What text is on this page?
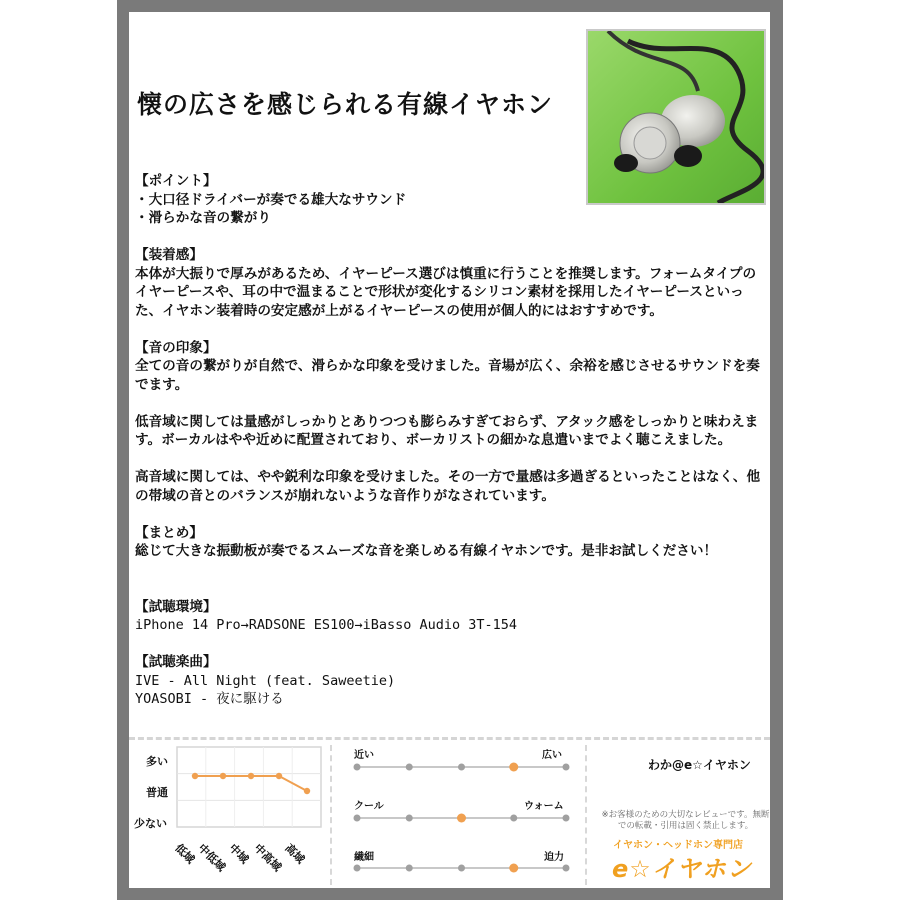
懐の広さを感じられる有線イヤホン

【ポイント】

・大口径ドライバーが奏でる雄大なサウンド

・滑らかな音の繋がり

【装着感】

本体が大振りで厚みがあるため、イヤーピース選びは慎重に行うことを推奨します。フォームタイプのイヤーピースや、耳の中で温まることで形状が変化するシリコン素材を採用したイヤーピースといった、イヤホン装着時の安定感が上がるイヤーピースの使用が個人的にはおすすめです。

【音の印象】

全ての音の繋がりが自然で、滑らかな印象を受けました。音場が広く、余裕を感じさせるサウンドを奏でます。

低音域に関しては量感がしっかりとありつつも膨らみすぎておらず、アタック感をしっかりと味わえます。ボーカルはやや近めに配置されており、ボーカリストの細かな息遣いまでよく聴こえました。

高音域に関しては、やや鋭利な印象を受けました。その一方で量感は多過ぎるといったことはなく、他の帯域の音とのバランスが崩れないような音作りがなされています。

【まとめ】

総じて大きな振動板が奏でるスムーズな音を楽しめる有線イヤホンです。是非お試しください！

【試聴環境】

iPhone 14 Pro→RADSONE ES100→iBasso Audio 3T-154

【試聴楽曲】

IVE - All Night (feat. Saweetie)

YOASOBI - 夜に駆ける

多い
普通
少ない
低域
中低域
中域 中高域
高域
近い	広い
クール	ウォーム
繊細	迫力
わか@e☆イヤホン
※お客様のための大切なレビューです。無断での転載・引用は固く禁止します。
イヤホン・ヘッドホン専門店
e☆イヤホン
